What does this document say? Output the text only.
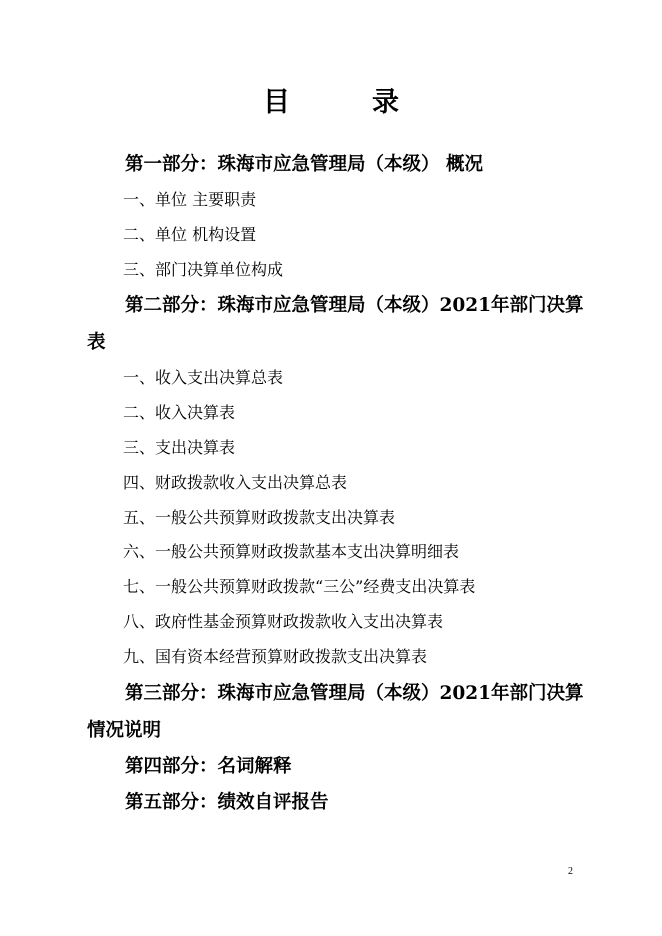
目	录

第一部分：珠海市应急管理局（本级） 概况

一、单位 主要职责

二、单位 机构设置

三、部门决算单位构成

第二部分：珠海市应急管理局（本级）2021年部门决算表

一、收入支出决算总表

二、收入决算表

三、支出决算表

四、财政拨款收入支出决算总表

五、一般公共预算财政拨款支出决算表

六、一般公共预算财政拨款基本支出决算明细表

七、一般公共预算财政拨款“三公”经费支出决算表

八、政府性基金预算财政拨款收入支出决算表

九、国有资本经营预算财政拨款支出决算表

第三部分：珠海市应急管理局（本级）2021年部门决算情况说明

第四部分：名词解释

第五部分：绩效自评报告

2
